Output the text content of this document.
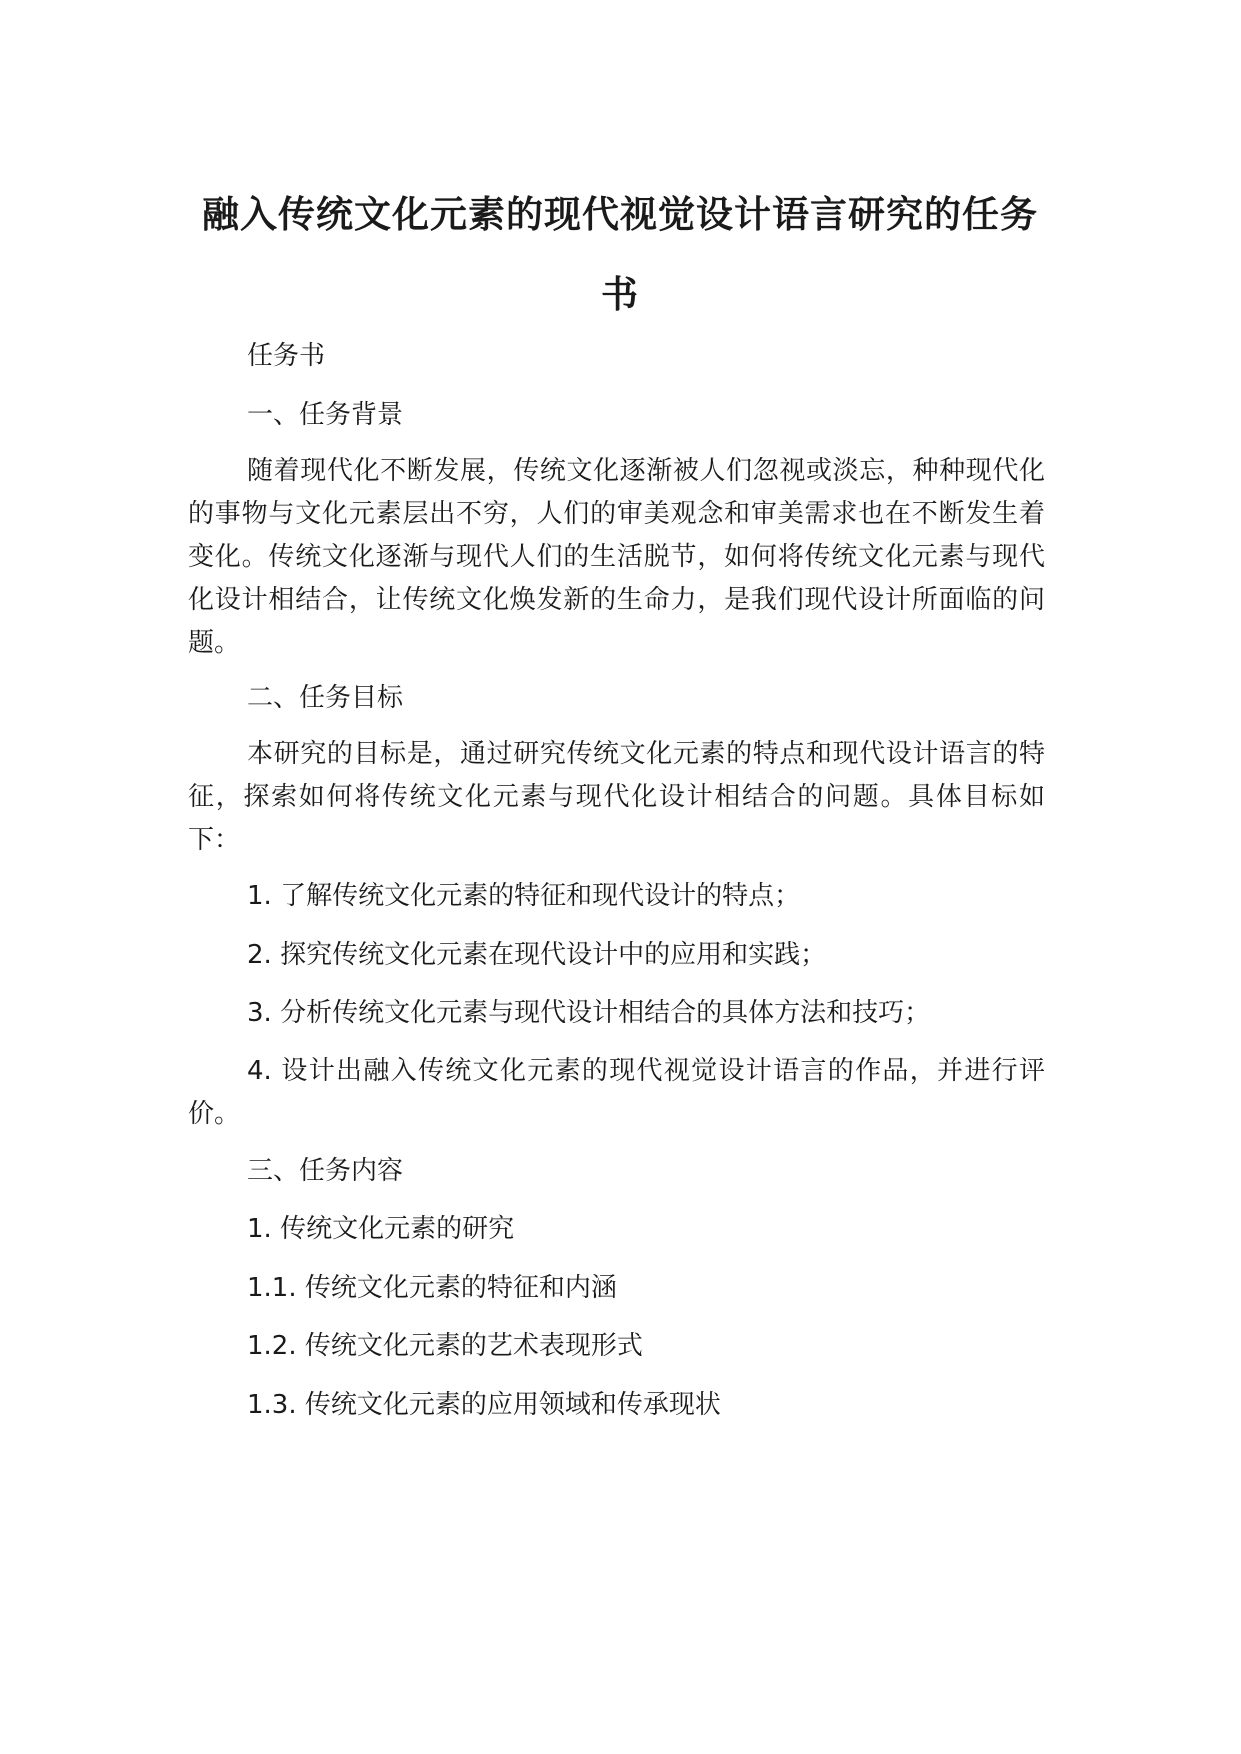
融入传统文化元素的现代视觉设计语言研究的任务书
任务书
一、任务背景
随着现代化不断发展，传统文化逐渐被人们忽视或淡忘，种种现代化的事物与文化元素层出不穷，人们的审美观念和审美需求也在不断发生着变化。传统文化逐渐与现代人们的生活脱节，如何将传统文化元素与现代化设计相结合，让传统文化焕发新的生命力，是我们现代设计所面临的问题。
二、任务目标
本研究的目标是，通过研究传统文化元素的特点和现代设计语言的特征，探索如何将传统文化元素与现代化设计相结合的问题。具体目标如下：
1. 了解传统文化元素的特征和现代设计的特点；
2. 探究传统文化元素在现代设计中的应用和实践；
3. 分析传统文化元素与现代设计相结合的具体方法和技巧；
4. 设计出融入传统文化元素的现代视觉设计语言的作品，并进行评价。
三、任务内容
1. 传统文化元素的研究
1.1. 传统文化元素的特征和内涵
1.2. 传统文化元素的艺术表现形式
1.3. 传统文化元素的应用领域和传承现状
